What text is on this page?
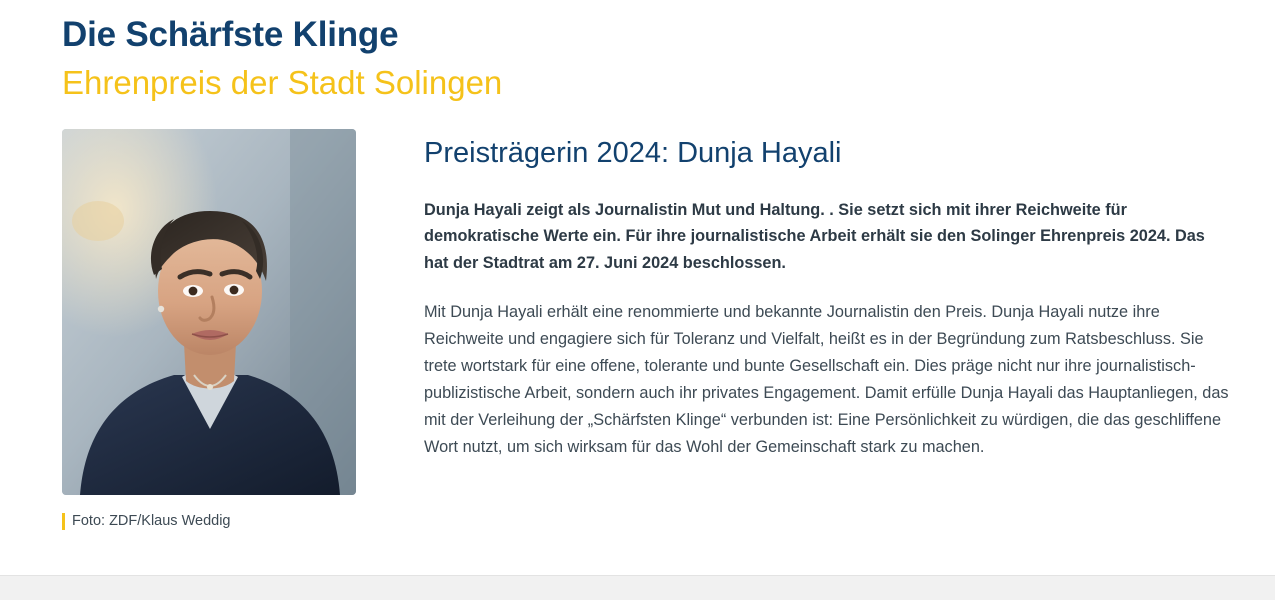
Die Schärfste Klinge
Ehrenpreis der Stadt Solingen
Foto: ZDF/Klaus Weddig
Preisträgerin 2024: Dunja Hayali

Dunja Hayali zeigt als Journalistin Mut und Haltung. . Sie setzt sich mit ihrer Reichweite für demokratische Werte ein. Für ihre journalistische Arbeit erhält sie den Solinger Ehrenpreis 2024. Das hat der Stadtrat am 27. Juni 2024 beschlossen.

Mit Dunja Hayali erhält eine renommierte und bekannte Journalistin den Preis. Dunja Hayali nutze ihre Reichweite und engagiere sich für Toleranz und Vielfalt, heißt es in der Begründung zum Ratsbeschluss. Sie trete wortstark für eine offene, tolerante und bunte Gesellschaft ein. Dies präge nicht nur ihre journalistisch-publizistische Arbeit, sondern auch ihr privates Engagement. Damit erfülle Dunja Hayali das Hauptanliegen, das mit der Verleihung der „Schärfsten Klinge“ verbunden ist: Eine Persönlichkeit zu würdigen, die das geschliffene Wort nutzt, um sich wirksam für das Wohl der Gemeinschaft stark zu machen.
